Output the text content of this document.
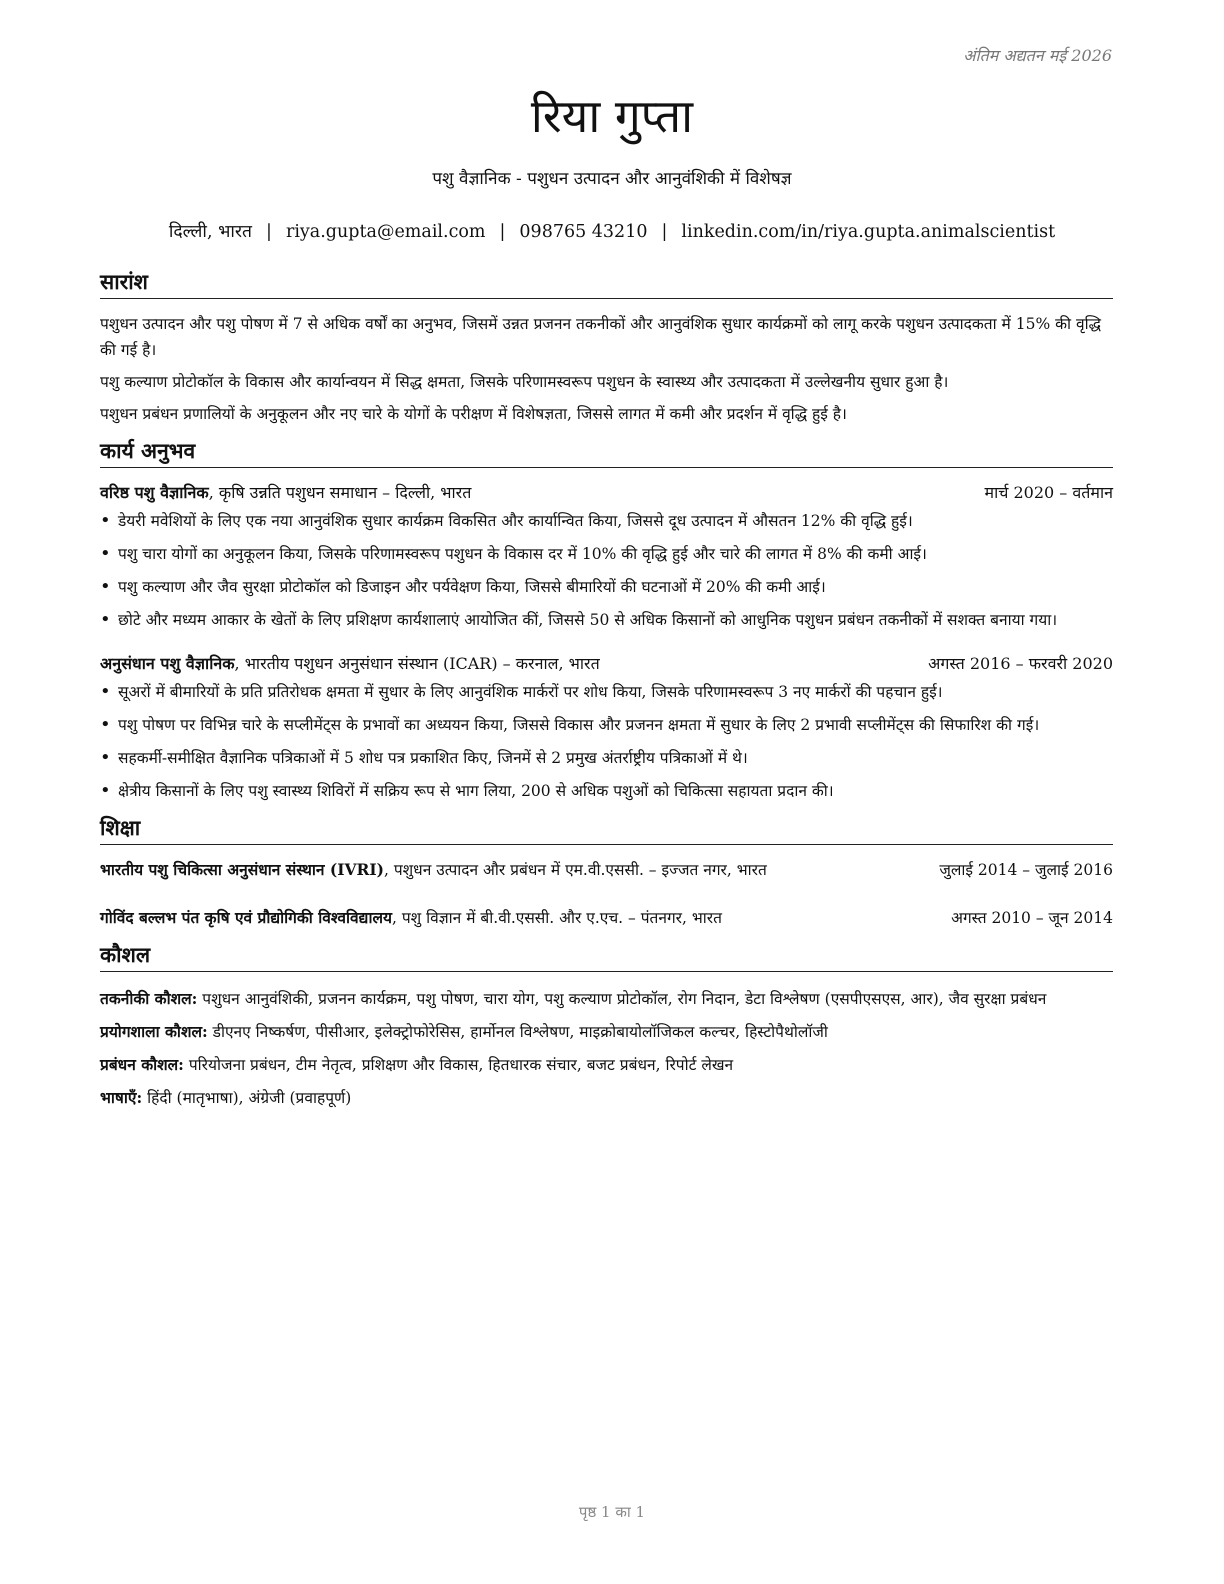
अंतिम अद्यतन मई 2026
रिया गुप्ता
पशु वैज्ञानिक - पशुधन उत्पादन और आनुवंशिकी में विशेषज्ञ
दिल्ली, भारत | riya.gupta@email.com | 098765 43210 | linkedin.com/in/riya.gupta.animalscientist
सारांश

पशुधन उत्पादन और पशु पोषण में 7 से अधिक वर्षों का अनुभव, जिसमें उन्नत प्रजनन तकनीकों और आनुवंशिक सुधार कार्यक्रमों को लागू करके पशुधन उत्पादकता में 15% की वृद्धि की गई है।

पशु कल्याण प्रोटोकॉल के विकास और कार्यान्वयन में सिद्ध क्षमता, जिसके परिणामस्वरूप पशुधन के स्वास्थ्य और उत्पादकता में उल्लेखनीय सुधार हुआ है।

पशुधन प्रबंधन प्रणालियों के अनुकूलन और नए चारे के योगों के परीक्षण में विशेषज्ञता, जिससे लागत में कमी और प्रदर्शन में वृद्धि हुई है।

कार्य अनुभव
वरिष्ठ पशु वैज्ञानिक, कृषि उन्नति पशुधन समाधान – दिल्ली, भारत	मार्च 2020 – वर्तमान
• डेयरी मवेशियों के लिए एक नया आनुवंशिक सुधार कार्यक्रम विकसित और कार्यान्वित किया, जिससे दूध उत्पादन में औसतन 12% की वृद्धि हुई।
• पशु चारा योगों का अनुकूलन किया, जिसके परिणामस्वरूप पशुधन के विकास दर में 10% की वृद्धि हुई और चारे की लागत में 8% की कमी आई।
• पशु कल्याण और जैव सुरक्षा प्रोटोकॉल को डिजाइन और पर्यवेक्षण किया, जिससे बीमारियों की घटनाओं में 20% की कमी आई।
• छोटे और मध्यम आकार के खेतों के लिए प्रशिक्षण कार्यशालाएं आयोजित कीं, जिससे 50 से अधिक किसानों को आधुनिक पशुधन प्रबंधन तकनीकों में सशक्त बनाया गया।
अनुसंधान पशु वैज्ञानिक, भारतीय पशुधन अनुसंधान संस्थान (ICAR) – करनाल, भारत	अगस्त 2016 – फरवरी 2020
• सूअरों में बीमारियों के प्रति प्रतिरोधक क्षमता में सुधार के लिए आनुवंशिक मार्करों पर शोध किया, जिसके परिणामस्वरूप 3 नए मार्करों की पहचान हुई।
• पशु पोषण पर विभिन्न चारे के सप्लीमेंट्स के प्रभावों का अध्ययन किया, जिससे विकास और प्रजनन क्षमता में सुधार के लिए 2 प्रभावी सप्लीमेंट्स की सिफारिश की गई।
• सहकर्मी-समीक्षित वैज्ञानिक पत्रिकाओं में 5 शोध पत्र प्रकाशित किए, जिनमें से 2 प्रमुख अंतर्राष्ट्रीय पत्रिकाओं में थे।
• क्षेत्रीय किसानों के लिए पशु स्वास्थ्य शिविरों में सक्रिय रूप से भाग लिया, 200 से अधिक पशुओं को चिकित्सा सहायता प्रदान की।
शिक्षा
भारतीय पशु चिकित्सा अनुसंधान संस्थान (IVRI), पशुधन उत्पादन और प्रबंधन में एम.वी.एससी. – इज्जत नगर, भारत	जुलाई 2014 – जुलाई 2016
गोविंद बल्लभ पंत कृषि एवं प्रौद्योगिकी विश्वविद्यालय, पशु विज्ञान में बी.वी.एससी. और ए.एच. – पंतनगर, भारत	अगस्त 2010 – जून 2014
कौशल

तकनीकी कौशल: पशुधन आनुवंशिकी, प्रजनन कार्यक्रम, पशु पोषण, चारा योग, पशु कल्याण प्रोटोकॉल, रोग निदान, डेटा विश्लेषण (एसपीएसएस, आर), जैव सुरक्षा प्रबंधन

प्रयोगशाला कौशल: डीएनए निष्कर्षण, पीसीआर, इलेक्ट्रोफोरेसिस, हार्मोनल विश्लेषण, माइक्रोबायोलॉजिकल कल्चर, हिस्टोपैथोलॉजी

प्रबंधन कौशल: परियोजना प्रबंधन, टीम नेतृत्व, प्रशिक्षण और विकास, हितधारक संचार, बजट प्रबंधन, रिपोर्ट लेखन

भाषाएँ: हिंदी (मातृभाषा), अंग्रेजी (प्रवाहपूर्ण)

पृष्ठ 1 का 1
